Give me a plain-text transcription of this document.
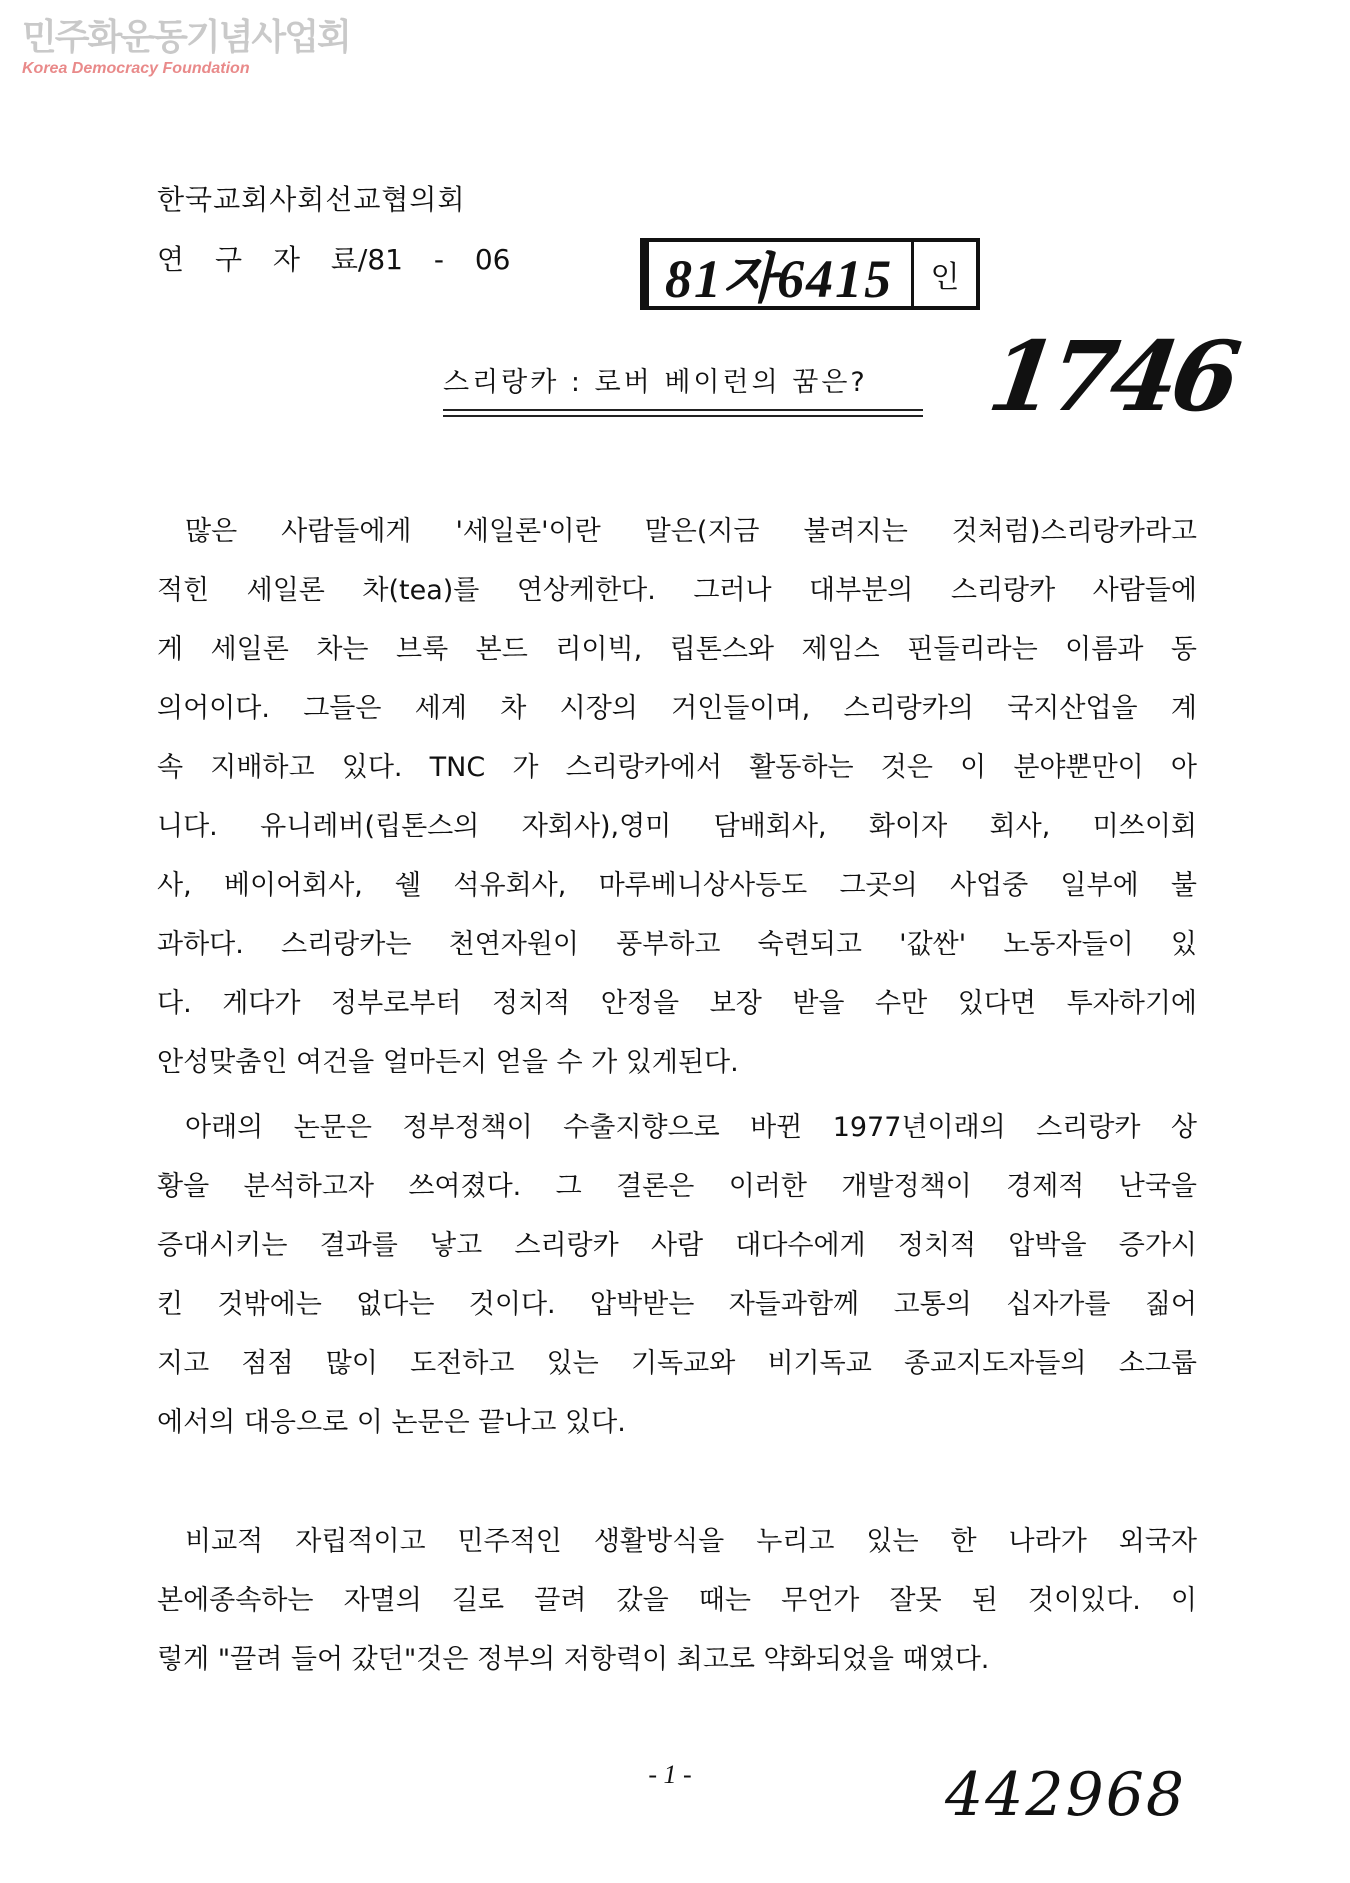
민주화운동기념사업회
Korea Democracy Foundation
한국교회사회선교협의회
연 구 자 료/81 - 06	81자6415	인
1746
스리랑카 : 로버 베이런의 꿈은?
많은 사람들에게 '세일론'이란 말은(지금 불려지는 것처럼)스리랑카라고
적힌 세일론 차(tea)를 연상케한다. 그러나 대부분의 스리랑카 사람들에
게 세일론 차는 브룩 본드 리이빅, 립톤스와 제임스 핀들리라는 이름과 동
의어이다. 그들은 세계 차 시장의 거인들이며, 스리랑카의 국지산업을 계
속 지배하고 있다. TNC 가 스리랑카에서 활동하는 것은 이 분야뿐만이 아
니다. 유니레버(립톤스의 자회사),영미 담배회사, 화이자 회사, 미쓰이회
사, 베이어회사, 쉘 석유회사, 마루베니상사등도 그곳의 사업중 일부에 불
과하다. 스리랑카는 천연자원이 풍부하고 숙련되고 '값싼' 노동자들이 있
다. 게다가 정부로부터 정치적 안정을 보장 받을 수만 있다면 투자하기에
안성맞춤인 여건을 얼마든지 얻을 수 가 있게된다.
아래의 논문은 정부정책이 수출지향으로 바뀐 1977년이래의 스리랑카 상
황을 분석하고자 쓰여졌다. 그 결론은 이러한 개발정책이 경제적 난국을
증대시키는 결과를 낳고 스리랑카 사람 대다수에게 정치적 압박을 증가시
킨 것밖에는 없다는 것이다. 압박받는 자들과함께 고통의 십자가를 짊어
지고 점점 많이 도전하고 있는 기독교와 비기독교 종교지도자들의 소그룹
에서의 대응으로 이 논문은 끝나고 있다.
비교적 자립적이고 민주적인 생활방식을 누리고 있는 한 나라가 외국자
본에종속하는 자멸의 길로 끌려 갔을 때는 무언가 잘못 된 것이있다. 이
렇게 "끌려 들어 갔던"것은 정부의 저항력이 최고로 약화되었을 때였다.
- 1 -	442968
